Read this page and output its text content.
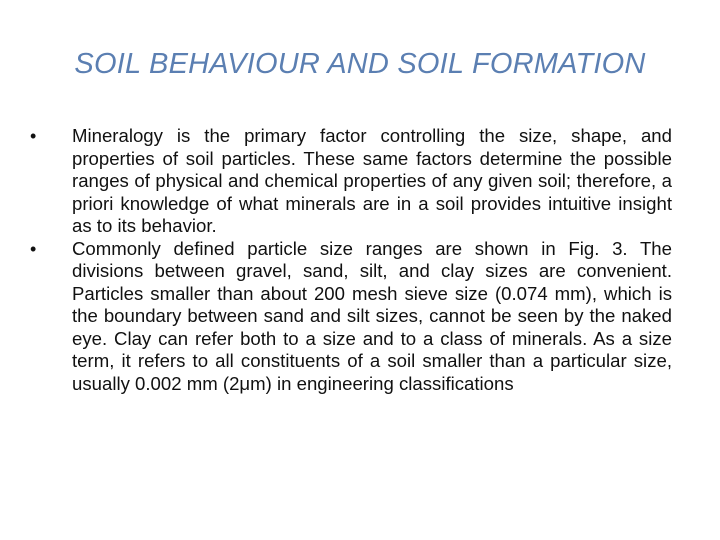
SOIL BEHAVIOUR AND SOIL FORMATION
•	Mineralogy is the primary factor controlling the size, shape, and properties of soil particles. These same factors determine the possible ranges of physical and chemical properties of any given soil; therefore, a priori knowledge of what minerals are in a soil provides intuitive insight as to its behavior.
•	Commonly defined particle size ranges are shown in Fig. 3. The divisions between gravel, sand, silt, and clay sizes are convenient. Particles smaller than about 200 mesh sieve size (0.074 mm), which is the boundary between sand and silt sizes, cannot be seen by the naked eye. Clay can refer both to a size and to a class of minerals. As a size term, it refers to all constituents of a soil smaller than a particular size, usually 0.002 mm (2μm) in engineering classifications
